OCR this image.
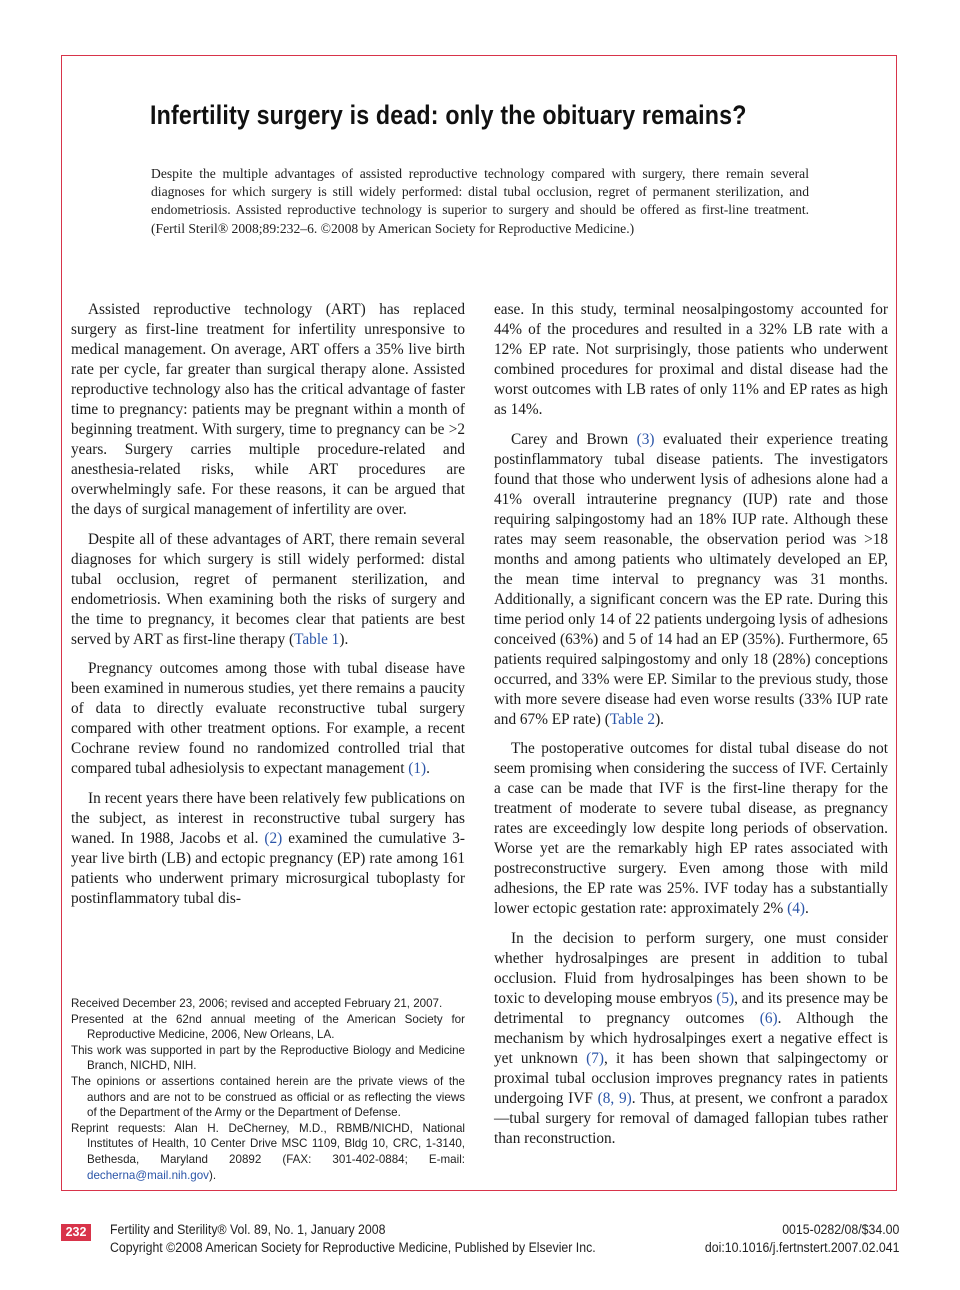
Infertility surgery is dead: only the obituary remains?
Despite the multiple advantages of assisted reproductive technology compared with surgery, there remain several diagnoses for which surgery is still widely performed: distal tubal occlusion, regret of permanent sterilization, and endometriosis. Assisted reproductive technology is superior to surgery and should be offered as first-line treatment. (Fertil Steril® 2008;89:232–6. ©2008 by American Society for Reproductive Medicine.)

Assisted reproductive technology (ART) has replaced surgery as first-line treatment for infertility unresponsive to medical management. On average, ART offers a 35% live birth rate per cycle, far greater than surgical therapy alone. Assisted reproductive technology also has the critical advantage of faster time to pregnancy: patients may be pregnant within a month of beginning treatment. With surgery, time to pregnancy can be >2 years. Surgery carries multiple procedure-related and anesthesia-related risks, while ART procedures are overwhelmingly safe. For these reasons, it can be argued that the days of surgical management of infertility are over.

Despite all of these advantages of ART, there remain several diagnoses for which surgery is still widely performed: distal tubal occlusion, regret of permanent sterilization, and endometriosis. When examining both the risks of surgery and the time to pregnancy, it becomes clear that patients are best served by ART as first-line therapy (Table 1).

Pregnancy outcomes among those with tubal disease have been examined in numerous studies, yet there remains a paucity of data to directly evaluate reconstructive tubal surgery compared with other treatment options. For example, a recent Cochrane review found no randomized controlled trial that compared tubal adhesiolysis to expectant management (1).

In recent years there have been relatively few publications on the subject, as interest in reconstructive tubal surgery has waned. In 1988, Jacobs et al. (2) examined the cumulative 3-year live birth (LB) and ectopic pregnancy (EP) rate among 161 patients who underwent primary microsurgical tuboplasty for postinflammatory tubal dis-

ease. In this study, terminal neosalpingostomy accounted for 44% of the procedures and resulted in a 32% LB rate with a 12% EP rate. Not surprisingly, those patients who underwent combined procedures for proximal and distal disease had the worst outcomes with LB rates of only 11% and EP rates as high as 14%.

Carey and Brown (3) evaluated their experience treating postinflammatory tubal disease patients. The investigators found that those who underwent lysis of adhesions alone had a 41% overall intrauterine pregnancy (IUP) rate and those requiring salpingostomy had an 18% IUP rate. Although these rates may seem reasonable, the observation period was >18 months and among patients who ultimately developed an EP, the mean time interval to pregnancy was 31 months. Additionally, a significant concern was the EP rate. During this time period only 14 of 22 patients undergoing lysis of adhesions conceived (63%) and 5 of 14 had an EP (35%). Furthermore, 65 patients required salpingostomy and only 18 (28%) conceptions occurred, and 33% were EP. Similar to the previous study, those with more severe disease had even worse results (33% IUP rate and 67% EP rate) (Table 2).

The postoperative outcomes for distal tubal disease do not seem promising when considering the success of IVF. Certainly a case can be made that IVF is the first-line therapy for the treatment of moderate to severe tubal disease, as pregnancy rates are exceedingly low despite long periods of observation. Worse yet are the remarkably high EP rates associated with postreconstructive surgery. Even among those with mild adhesions, the EP rate was 25%. IVF today has a substantially lower ectopic gestation rate: approximately 2% (4).

In the decision to perform surgery, one must consider whether hydrosalpinges are present in addition to tubal occlusion. Fluid from hydrosalpinges has been shown to be toxic to developing mouse embryos (5), and its presence may be detrimental to pregnancy outcomes (6). Although the mechanism by which hydrosalpinges exert a negative effect is yet unknown (7), it has been shown that salpingectomy or proximal tubal occlusion improves pregnancy rates in patients undergoing IVF (8, 9). Thus, at present, we confront a paradox—tubal surgery for removal of damaged fallopian tubes rather than reconstruction.

Received December 23, 2006; revised and accepted February 21, 2007.

Presented at the 62nd annual meeting of the American Society for Reproductive Medicine, 2006, New Orleans, LA.

This work was supported in part by the Reproductive Biology and Medicine Branch, NICHD, NIH.

The opinions or assertions contained herein are the private views of the authors and are not to be construed as official or as reflecting the views of the Department of the Army or the Department of Defense.

Reprint requests: Alan H. DeCherney, M.D., RBMB/NICHD, National Institutes of Health, 10 Center Drive MSC 1109, Bldg 10, CRC, 1-3140, Bethesda, Maryland 20892 (FAX: 301-402-0884; E-mail: decherna@mail.nih.gov).

232	Fertility and Sterility® Vol. 89, No. 1, January 2008
Copyright ©2008 American Society for Reproductive Medicine, Published by Elsevier Inc.
0015-0282/08/$34.00
doi:10.1016/j.fertnstert.2007.02.041
